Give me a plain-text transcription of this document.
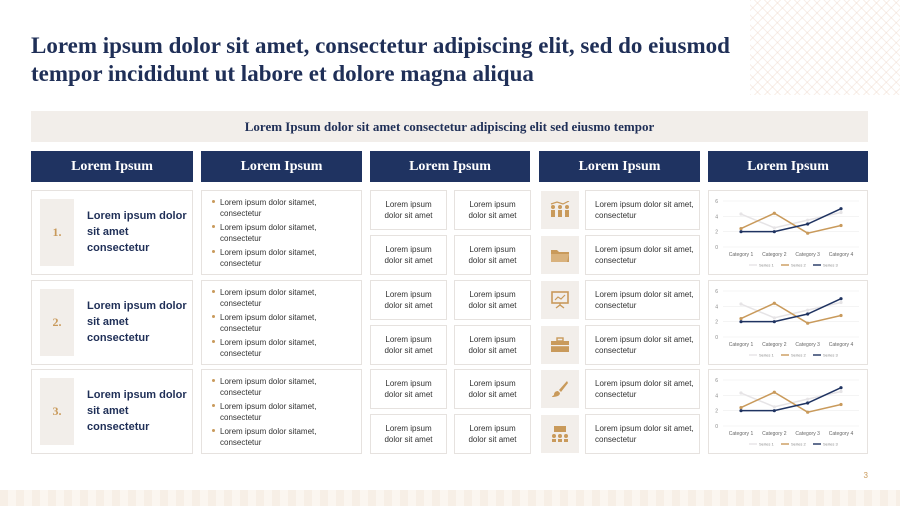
Lorem ipsum dolor sit amet, consectetur adipiscing elit, sed do eiusmod tempor incididunt ut labore et dolore magna aliqua
Lorem Ipsum dolor sit amet consectetur adipiscing elit sed eiusmo tempor
Lorem Ipsum	Lorem Ipsum	Lorem Ipsum	Lorem Ipsum	Lorem Ipsum
1.
Lorem ipsum dolor sit amet consectetur
Lorem ipsum dolor sitamet, consectetur
Lorem ipsum dolor sitamet, consectetur
Lorem ipsum dolor sitamet, consectetur
Lorem ipsum dolor sit amet
Lorem ipsum dolor sit amet
Lorem ipsum dolor sit amet
Lorem ipsum dolor sit amet
Lorem ipsum dolor sit amet, consectetur
Lorem ipsum dolor sit amet, consectetur
6
4
2
0
Category 1 Category 2 Category 3 Category 4
Series 1	Series 2	Series 3
2.
Lorem ipsum dolor sit amet consectetur
Lorem ipsum dolor sitamet, consectetur
Lorem ipsum dolor sitamet, consectetur
Lorem ipsum dolor sitamet, consectetur
Lorem ipsum dolor sit amet
Lorem ipsum dolor sit amet
Lorem ipsum dolor sit amet
Lorem ipsum dolor sit amet
Lorem ipsum dolor sit amet, consectetur
Lorem ipsum dolor sit amet, consectetur
6
4
2
0
Category 1 Category 2 Category 3 Category 4
Series 1	Series 2	Series 3
3.
Lorem ipsum dolor sit amet consectetur
Lorem ipsum dolor sitamet, consectetur
Lorem ipsum dolor sitamet, consectetur
Lorem ipsum dolor sitamet, consectetur
Lorem ipsum dolor sit amet
Lorem ipsum dolor sit amet
Lorem ipsum dolor sit amet
Lorem ipsum dolor sit amet
Lorem ipsum dolor sit amet, consectetur
Lorem ipsum dolor sit amet, consectetur
6
4
2
0
Category 1 Category 2 Category 3 Category 4
Series 1	Series 2	Series 3
3
